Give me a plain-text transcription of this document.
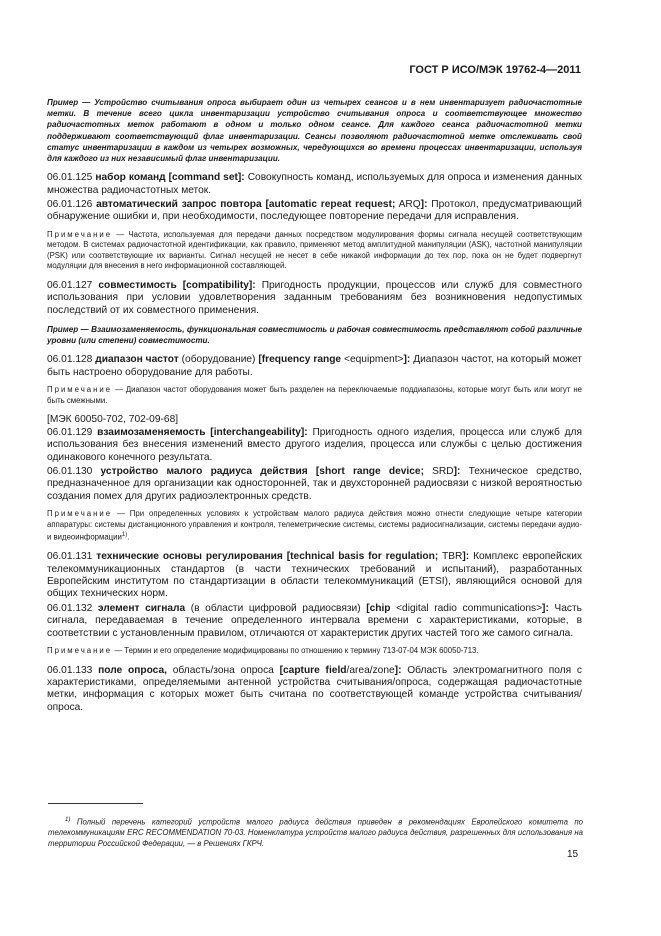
ГОСТ Р ИСО/МЭК 19762-4—2011

Пример — Устройство считывания опроса выбирает один из четырех сеансов и в нем инвентаризует радиочастотные метки. В течение всего цикла инвентаризации устройство считывания опроса и соответствующее множество радиочастотных меток работают в одном и только одном сеансе. Для каждого сеанса радиочастотной метки поддерживают соответствующий флаг инвентаризации. Сеансы позволяют радиочастотной метке отслеживать свой статус инвентаризации в каждом из четырех возможных, чередующихся во времени процессах инвентаризации, используя для каждого из них независимый флаг инвентаризации.

06.01.125 набор команд [command set]: Совокупность команд, используемых для опроса и изменения данных множества радиочастотных меток.

06.01.126 автоматический запрос повтора [automatic repeat request; ARQ]: Протокол, предусматривающий обнаружение ошибки и, при необходимости, последующее повторение передачи для исправления.

Примечание — Частота, используемая для передачи данных посредством модулирования формы сигнала несущей соответствующим методом. В системах радиочастотной идентификации, как правило, применяют метод амплитудной манипуляции (ASK), частотной манипуляции (PSK) или соответствующие их варианты. Сигнал несущей не несет в себе никакой информации до тех пор, пока он не будет подвергнут модуляции для внесения в него информационной составляющей.

06.01.127 совместимость [compatibility]: Пригодность продукции, процессов или служб для совместного использования при условии удовлетворения заданным требованиям без возникновения недопустимых последствий от их совместного применения.

Пример — Взаимозаменяемость, функциональная совместимость и рабочая совместимость представляют собой различные уровни (или степени) совместимости.

06.01.128 диапазон частот (оборудование) [frequency range <equipment>]: Диапазон частот, на который может быть настроено оборудование для работы.

Примечание — Диапазон частот оборудования может быть разделен на переключаемые поддиапазоны, которые могут быть или могут не быть смежными.

[МЭК 60050-702, 702-09-68]

06.01.129 взаимозаменяемость [interchangeability]: Пригодность одного изделия, процесса или служб для использования без внесения изменений вместо другого изделия, процесса или службы с целью достижения одинакового конечного результата.

06.01.130 устройство малого радиуса действия [short range device; SRD]: Техническое средство, предназначенное для организации как односторонней, так и двухсторонней радиосвязи с низкой вероятностью создания помех для других радиоэлектронных средств.

Примечание — При определенных условиях к устройствам малого радиуса действия можно отнести следующие четыре категории аппаратуры: системы дистанционного управления и контроля, телеметрические системы, системы радиосигнализации, системы передачи аудио- и видеоинформации$^{1)}$.

06.01.131 технические основы регулирования [technical basis for regulation; TBR]: Комплекс европейских телекоммуникационных стандартов (в части технических требований и испытаний), разработанных Европейским институтом по стандартизации в области телекоммуникаций (ETSI), являющийся основой для общих технических норм.

06.01.132 элемент сигнала (в области цифровой радиосвязи) [chip <digital radio communications>]: Часть сигнала, передаваемая в течение определенного интервала времени с характеристиками, которые, в соответствии с установленным правилом, отличаются от характеристик других частей того же самого сигнала.

Примечание — Термин и его определение модифицированы по отношению к термину 713-07-04 МЭК 60050-713.

06.01.133 поле опроса, область/зона опроса [capture field/area/zone]: Область электромагнитного поля с характеристиками, определяемыми антенной устройства считывания/опроса, содержащая радиочастотные метки, информация с которых может быть считана по соответствующей команде устройства считывания/опроса.

$^{1)}$ Полный перечень категорий устройств малого радиуса действия приведен в рекомендациях Европейского комитета по телекоммуникациям ERC RECOMMENDATION 70-03. Номенклатура устройств малого радиуса действия, разрешенных для использования на территории Российской Федерации, — в Решениях ГКРЧ.

15
